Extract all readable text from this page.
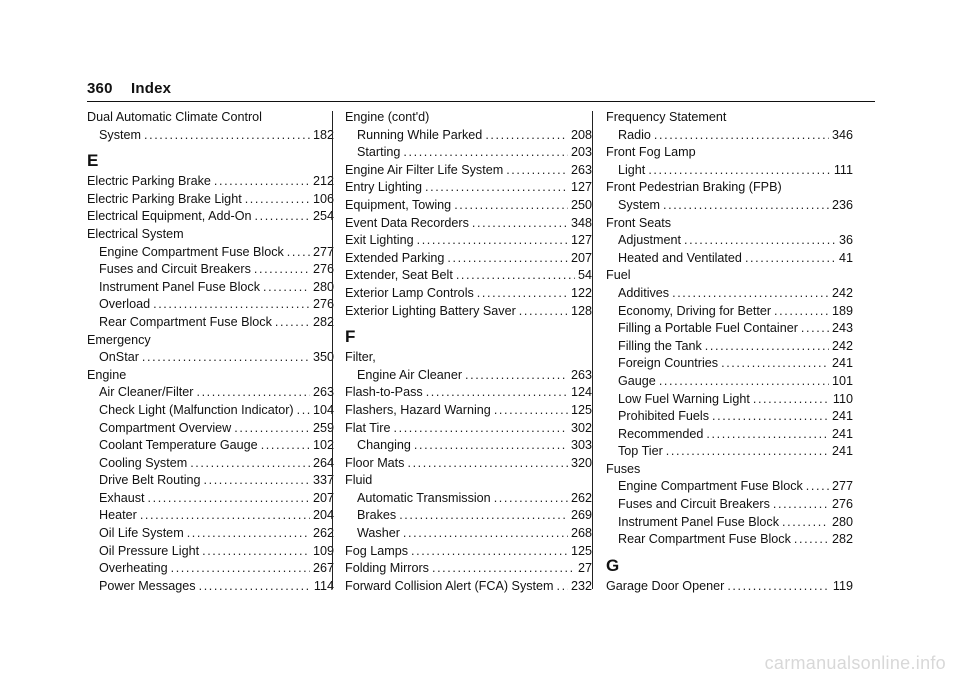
360 Index
Dual Automatic Climate Control
System .....	182
E
Electric Parking Brake .....	212
Electric Parking Brake Light .....	106
Electrical Equipment, Add-On .....	254
Electrical System
Engine Compartment Fuse Block ..... 277
Fuses and Circuit Breakers .....	276
Instrument Panel Fuse Block .....	280
Overload .....	276
Rear Compartment Fuse Block .....	282
Emergency
OnStar .....	350
Engine
Air Cleaner/Filter .....	263
Check Light (Malfunction Indicator) ..... 104
Compartment Overview .....	259
Coolant Temperature Gauge .....	102
Cooling System .....	264
Drive Belt Routing .....	337
Exhaust .....	207
Heater .....	204
Oil Life System .....	262
Oil Pressure Light .....	109
Overheating .....	267
Power Messages .....	114
Engine (cont'd)
Running While Parked .....	208
Starting .....	203
Engine Air Filter Life System .....	263
Entry Lighting .....	127
Equipment, Towing .....	250
Event Data Recorders .....	348
Exit Lighting .....	127
Extended Parking .....	207
Extender, Seat Belt .....	54
Exterior Lamp Controls .....	122
Exterior Lighting Battery Saver .....	128
F
Filter,
Engine Air Cleaner .....	263
Flash-to-Pass .....	124
Flashers, Hazard Warning .....	125
Flat Tire .....	302
Changing .....	303
Floor Mats .....	320
Fluid
Automatic Transmission .....	262
Brakes .....	269
Washer .....	268
Fog Lamps .....	125
Folding Mirrors .....	27
Forward Collision Alert (FCA) System ..... 232
Frequency Statement
Radio .....	346
Front Fog Lamp
Light .....	111
Front Pedestrian Braking (FPB)
System .....	236
Front Seats
Adjustment .....	36
Heated and Ventilated .....	41
Fuel
Additives .....	242
Economy, Driving for Better .....	189
Filling a Portable Fuel Container .....	243
Filling the Tank .....	242
Foreign Countries .....	241
Gauge .....	101
Low Fuel Warning Light .....	110
Prohibited Fuels .....	241
Recommended .....	241
Top Tier .....	241
Fuses
Engine Compartment Fuse Block ..... 277
Fuses and Circuit Breakers .....	276
Instrument Panel Fuse Block .....	280
Rear Compartment Fuse Block .....	282
G
Garage Door Opener .....	119
carmanualsonline.info
